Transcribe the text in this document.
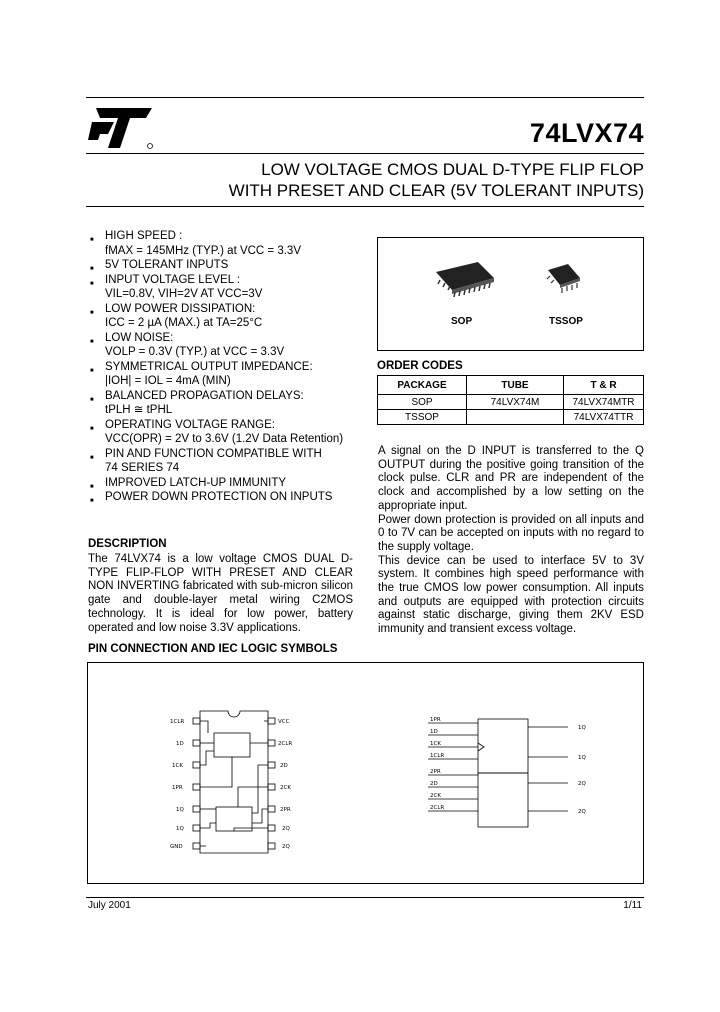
74LVX74
LOW VOLTAGE CMOS DUAL D-TYPE FLIP FLOP
WITH PRESET AND CLEAR (5V TOLERANT INPUTS)
■ HIGH SPEED :
fMAX = 145MHz (TYP.) at VCC = 3.3V
■ 5V TOLERANT INPUTS
■ INPUT VOLTAGE LEVEL :
VIL=0.8V, VIH=2V AT VCC=3V
■ LOW POWER DISSIPATION:
ICC = 2 µA (MAX.) at TA=25°C
■ LOW NOISE:
VOLP = 0.3V (TYP.) at VCC = 3.3V
■ SYMMETRICAL OUTPUT IMPEDANCE:
|IOH| = IOL = 4mA (MIN)
■ BALANCED PROPAGATION DELAYS:
tPLH ≅ tPHL
■ OPERATING VOLTAGE RANGE:
VCC(OPR) = 2V to 3.6V (1.2V Data Retention)
■ PIN AND FUNCTION COMPATIBLE WITH
74 SERIES 74
■ IMPROVED LATCH-UP IMMUNITY
■ POWER DOWN PROTECTION ON INPUTS
SOP	TSSOP
ORDER CODES
PACKAGE	TUBE	T & R
SOP	74LVX74M	74LVX74MTR
TSSOP		74LVX74TTR
DESCRIPTION
The 74LVX74 is a low voltage CMOS DUAL D-TYPE FLIP-FLOP WITH PRESET AND CLEAR NON INVERTING fabricated with sub-micron silicon gate and double-layer metal wiring C2MOS technology. It is ideal for low power, battery operated and low noise 3.3V applications.
A signal on the D INPUT is transferred to the Q OUTPUT during the positive going transition of the clock pulse. CLR and PR are independent of the clock and accomplished by a low setting on the appropriate input.
Power down protection is provided on all inputs and 0 to 7V can be accepted on inputs with no regard to the supply voltage.
This device can be used to interface 5V to 3V system. It combines high speed performance with the true CMOS low power consumption. All inputs and outputs are equipped with protection circuits against static discharge, giving them 2KV ESD immunity and transient excess voltage.
PIN CONNECTION AND IEC LOGIC SYMBOLS
1CLR
1D
1CK
1PR
1Q
1Q
GND
VCC
2CLR
2D
2CK
2PR
2Q
2Q
1PR
1D
1CK
1CLR
2PR
2D
2CK
2CLR
1Q
1Q
2Q
2Q
July 2001	1/11
